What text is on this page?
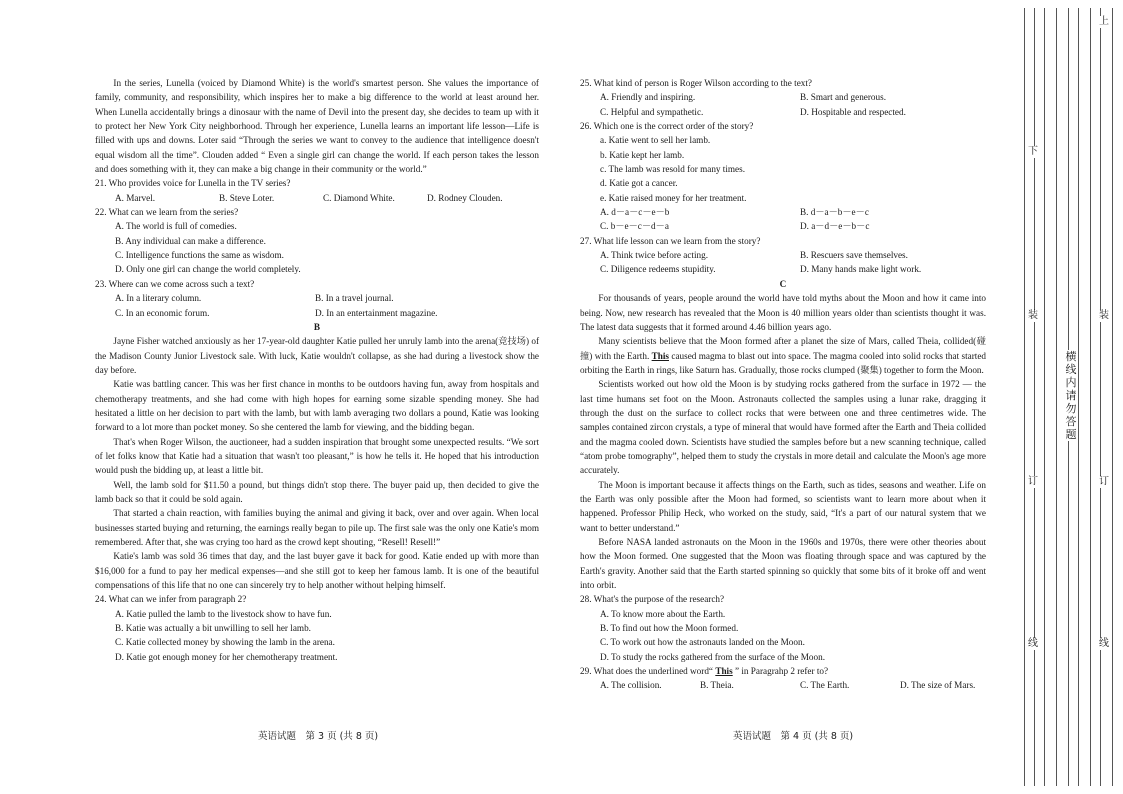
In the series, Lunella (voiced by Diamond White) is the world's smartest person. She values the importance of family, community, and responsibility, which inspires her to make a big difference to the world at least around her. When Lunella accidentally brings a dinosaur with the name of Devil into the present day, she decides to team up with it to protect her New York City neighborhood. Through her experience, Lunella learns an important life lesson—Life is filled with ups and downs. Loter said “Through the series we want to convey to the audience that intelligence doesn't equal wisdom all the time”. Clouden added “ Even a single girl can change the world. If each person takes the lesson and does something with it, they can make a big change in their community or the world.”

21. Who provides voice for Lunella in the TV series?

A. Marvel.	B. Steve Loter.	C. Diamond White.	D. Rodney Clouden.

22. What can we learn from the series?

A. The world is full of comedies.

B. Any individual can make a difference.

C. Intelligence functions the same as wisdom.

D. Only one girl can change the world completely.

23. Where can we come across such a text?

A. In a literary column.	B. In a travel journal.
C. In an economic forum.	D. In an entertainment magazine.

B

Jayne Fisher watched anxiously as her 17-year-old daughter Katie pulled her unruly lamb into the arena(竞技场) of the Madison County Junior Livestock sale. With luck, Katie wouldn't collapse, as she had during a livestock show the day before.

Katie was battling cancer. This was her first chance in months to be outdoors having fun, away from hospitals and chemotherapy treatments, and she had come with high hopes for earning some sizable spending money. She had hesitated a little on her decision to part with the lamb, but with lamb averaging two dollars a pound, Katie was looking forward to a lot more than pocket money. So she centered the lamb for viewing, and the bidding began.

That's when Roger Wilson, the auctioneer, had a sudden inspiration that brought some unexpected results. “We sort of let folks know that Katie had a situation that wasn't too pleasant,” is how he tells it. He hoped that his introduction would push the bidding up, at least a little bit.

Well, the lamb sold for $11.50 a pound, but things didn't stop there. The buyer paid up, then decided to give the lamb back so that it could be sold again.

That started a chain reaction, with families buying the animal and giving it back, over and over again. When local businesses started buying and returning, the earnings really began to pile up. The first sale was the only one Katie's mom remembered. After that, she was crying too hard as the crowd kept shouting, “Resell! Resell!”

Katie's lamb was sold 36 times that day, and the last buyer gave it back for good. Katie ended up with more than $16,000 for a fund to pay her medical expenses—and she still got to keep her famous lamb. It is one of the beautiful compensations of this life that no one can sincerely try to help another without helping himself.

24. What can we infer from paragraph 2?

A. Katie pulled the lamb to the livestock show to have fun.

B. Katie was actually a bit unwilling to sell her lamb.

C. Katie collected money by showing the lamb in the arena.

D. Katie got enough money for her chemotherapy treatment.

英语试题　第 3 页 (共 8 页)

25. What kind of person is Roger Wilson according to the text?

A. Friendly and inspiring.	B. Smart and generous.
C. Helpful and sympathetic.	D. Hospitable and respected.

26. Which one is the correct order of the story?

a. Katie went to sell her lamb.

b. Katie kept her lamb.

c. The lamb was resold for many times.

d. Katie got a cancer.

e. Katie raised money for her treatment.

A. d－a－c－e－b	B. d－a－b－e－c
C. b－e－c－d－a	D. a－d－e－b－c

27. What life lesson can we learn from the story?

A. Think twice before acting.	B. Rescuers save themselves.
C. Diligence redeems stupidity.	D. Many hands make light work.

C

For thousands of years, people around the world have told myths about the Moon and how it came into being. Now, new research has revealed that the Moon is 40 million years older than scientists thought it was. The latest data suggests that it formed around 4.46 billion years ago.

Many scientists believe that the Moon formed after a planet the size of Mars, called Theia, collided(碰撞) with the Earth. This caused magma to blast out into space. The magma cooled into solid rocks that started orbiting the Earth in rings, like Saturn has. Gradually, those rocks clumped (聚集) together to form the Moon.

Scientists worked out how old the Moon is by studying rocks gathered from the surface in 1972 — the last time humans set foot on the Moon. Astronauts collected the samples using a lunar rake, dragging it through the dust on the surface to collect rocks that were between one and three centimetres wide. The samples contained zircon crystals, a type of mineral that would have formed after the Earth and Theia collided and the magma cooled down. Scientists have studied the samples before but a new scanning technique, called “atom probe tomography”, helped them to study the crystals in more detail and calculate the Moon's age more accurately.

The Moon is important because it affects things on the Earth, such as tides, seasons and weather. Life on the Earth was only possible after the Moon had formed, so scientists want to learn more about when it happened. Professor Philip Heck, who worked on the study, said, “It's a part of our natural system that we want to better understand.”

Before NASA landed astronauts on the Moon in the 1960s and 1970s, there were other theories about how the Moon formed. One suggested that the Moon was floating through space and was captured by the Earth's gravity. Another said that the Earth started spinning so quickly that some bits of it broke off and went into orbit.

28. What's the purpose of the research?

A. To know more about the Earth.

B. To find out how the Moon formed.

C. To work out how the astronauts landed on the Moon.

D. To study the rocks gathered from the surface of the Moon.

29. What does the underlined word“ This ” in Paragrahp 2 refer to?

A. The collision.	B. Theia.	C. The Earth.	D. The size of Mars.
英语试题　第 4 页 (共 8 页)
下
装
订
线
上
装
订
线
横线内请勿答题
